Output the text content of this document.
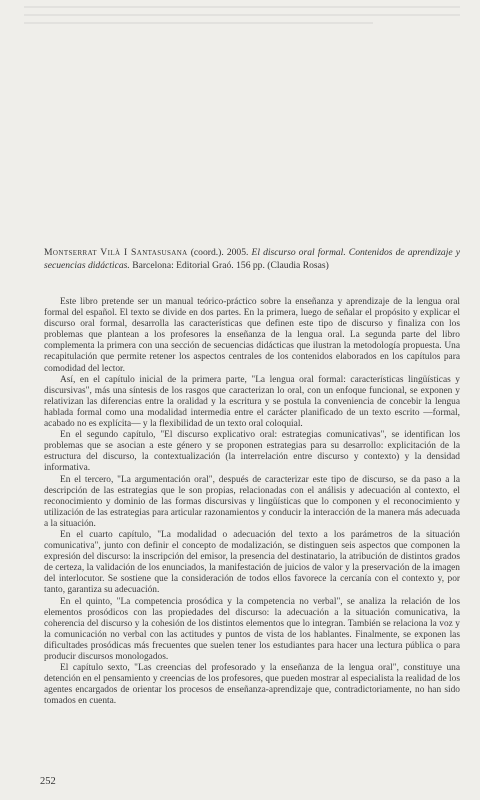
Montserrat Vilà I Santasusana (coord.). 2005. El discurso oral formal. Contenidos de aprendizaje y secuencias didácticas. Barcelona: Editorial Graó. 156 pp. (Claudia Rosas)

Este libro pretende ser un manual teórico-práctico sobre la enseñanza y aprendizaje de la lengua oral formal del español. El texto se divide en dos partes. En la primera, luego de señalar el propósito y explicar el discurso oral formal, desarrolla las características que definen este tipo de discurso y finaliza con los problemas que plantean a los profesores la enseñanza de la lengua oral. La segunda parte del libro complementa la primera con una sección de secuencias didácticas que ilustran la metodología propuesta. Una recapitulación que permite retener los aspectos centrales de los contenidos elaborados en los capítulos para comodidad del lector.

Así, en el capítulo inicial de la primera parte, "La lengua oral formal: características lingüísticas y discursivas", más una síntesis de los rasgos que caracterizan lo oral, con un enfoque funcional, se exponen y relativizan las diferencias entre la oralidad y la escritura y se postula la conveniencia de concebir la lengua hablada formal como una modalidad intermedia entre el carácter planificado de un texto escrito —formal, acabado no es explícita— y la flexibilidad de un texto oral coloquial.

En el segundo capítulo, "El discurso explicativo oral: estrategias comunicativas", se identifican los problemas que se asocian a este género y se proponen estrategias para su desarrollo: explicitación de la estructura del discurso, la contextualización (la interrelación entre discurso y contexto) y la densidad informativa.

En el tercero, "La argumentación oral", después de caracterizar este tipo de discurso, se da paso a la descripción de las estrategias que le son propias, relacionadas con el análisis y adecuación al contexto, el reconocimiento y dominio de las formas discursivas y lingüísticas que lo componen y el reconocimiento y utilización de las estrategias para articular razonamientos y conducir la interacción de la manera más adecuada a la situación.

En el cuarto capítulo, "La modalidad o adecuación del texto a los parámetros de la situación comunicativa", junto con definir el concepto de modalización, se distinguen seis aspectos que componen la expresión del discurso: la inscripción del emisor, la presencia del destinatario, la atribución de distintos grados de certeza, la validación de los enunciados, la manifestación de juicios de valor y la preservación de la imagen del interlocutor. Se sostiene que la consideración de todos ellos favorece la cercanía con el contexto y, por tanto, garantiza su adecuación.

En el quinto, "La competencia prosódica y la competencia no verbal", se analiza la relación de los elementos prosódicos con las propiedades del discurso: la adecuación a la situación comunicativa, la coherencia del discurso y la cohesión de los distintos elementos que lo integran. También se relaciona la voz y la comunicación no verbal con las actitudes y puntos de vista de los hablantes. Finalmente, se exponen las dificultades prosódicas más frecuentes que suelen tener los estudiantes para hacer una lectura pública o para producir discursos monologados.

El capítulo sexto, "Las creencias del profesorado y la enseñanza de la lengua oral", constituye una detención en el pensamiento y creencias de los profesores, que pueden mostrar al especialista la realidad de los agentes encargados de orientar los procesos de enseñanza-aprendizaje que, contradictoriamente, no han sido tomados en cuenta.

252
